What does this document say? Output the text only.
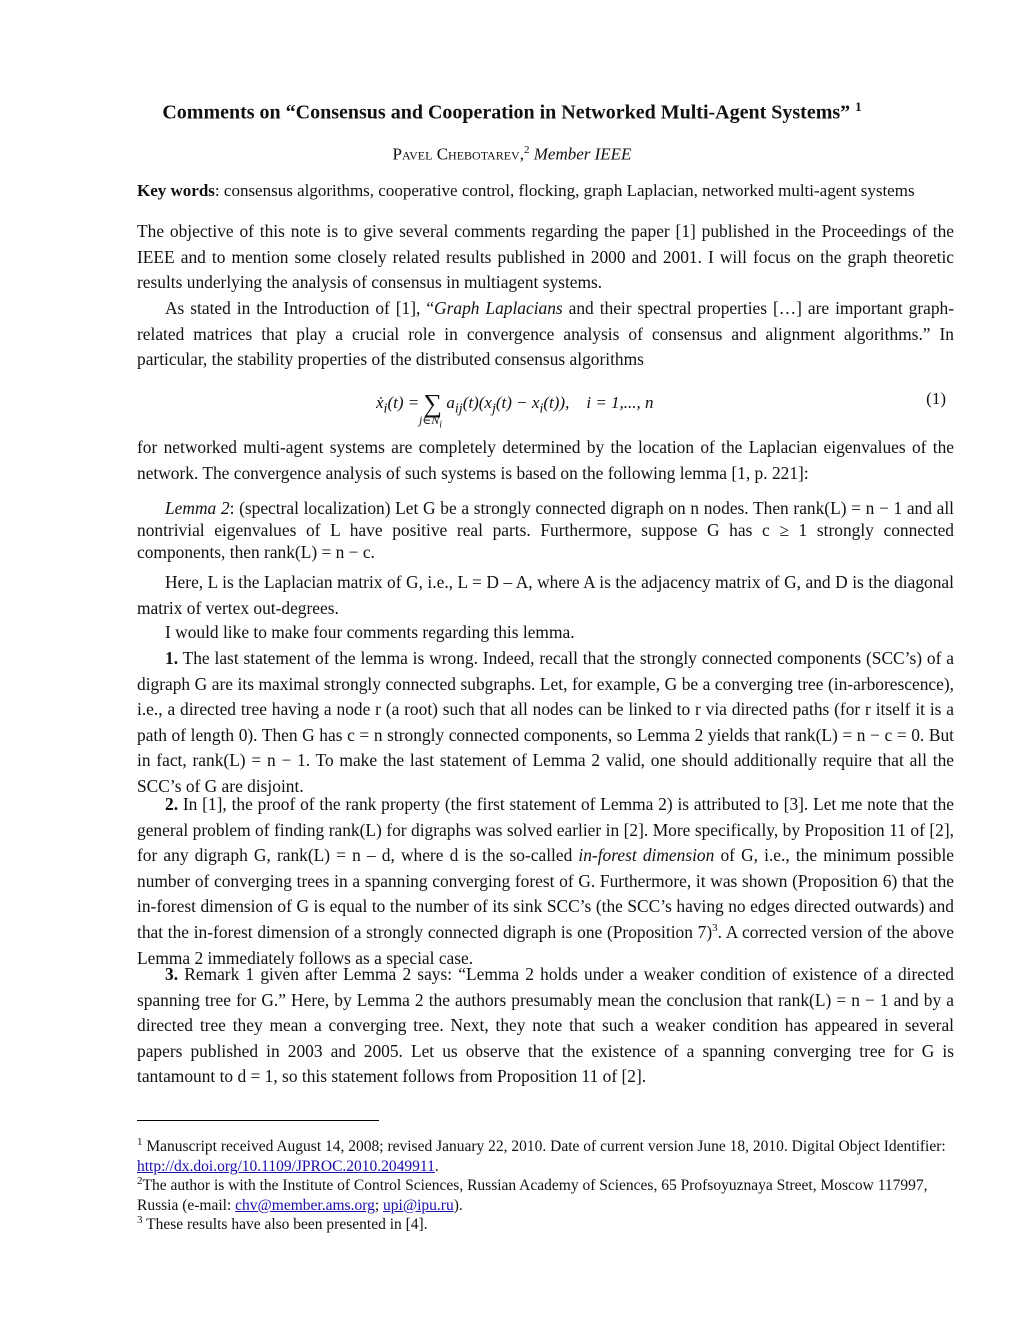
Comments on “Consensus and Cooperation in Networked Multi-Agent Systems” $^1$
Pavel Chebotarev,$^2$ Member IEEE
Key words: consensus algorithms, cooperative control, flocking, graph Laplacian, networked multi-agent systems

The objective of this note is to give several comments regarding the paper [1] published in the Proceedings of the IEEE and to mention some closely related results published in 2000 and 2001. I will focus on the graph theoretic results underlying the analysis of consensus in multiagent systems.

As stated in the Introduction of [1], “Graph Laplacians and their spectral properties […] are important graph-related matrices that play a crucial role in convergence analysis of consensus and alignment algorithms.” In particular, the stability properties of the distributed consensus algorithms

ẋ$_i$(t) = ∑ $a_{ij}(t)(x_j(t) - x_i(t))$, i = 1,..., n
$j\in N_i$
(1)

for networked multi-agent systems are completely determined by the location of the Laplacian eigenvalues of the network. The convergence analysis of such systems is based on the following lemma [1, p. 221]:

Lemma 2: (spectral localization) Let G be a strongly connected digraph on n nodes. Then rank(L) = n − 1 and all nontrivial eigenvalues of L have positive real parts. Furthermore, suppose G has c ≥ 1 strongly connected components, then rank(L) = n − c.

Here, L is the Laplacian matrix of G, i.e., L = D – A, where A is the adjacency matrix of G, and D is the diagonal matrix of vertex out-degrees.

I would like to make four comments regarding this lemma.

1. The last statement of the lemma is wrong. Indeed, recall that the strongly connected components (SCC’s) of a digraph G are its maximal strongly connected subgraphs. Let, for example, G be a converging tree (in-arborescence), i.e., a directed tree having a node r (a root) such that all nodes can be linked to r via directed paths (for r itself it is a path of length 0). Then G has c = n strongly connected components, so Lemma 2 yields that rank(L) = n − c = 0. But in fact, rank(L) = n − 1. To make the last statement of Lemma 2 valid, one should additionally require that all the SCC’s of G are disjoint.

2. In [1], the proof of the rank property (the first statement of Lemma 2) is attributed to [3]. Let me note that the general problem of finding rank(L) for digraphs was solved earlier in [2]. More specifically, by Proposition 11 of [2], for any digraph G, rank(L) = n – d, where d is the so-called in-forest dimension of G, i.e., the minimum possible number of converging trees in a spanning converging forest of G. Furthermore, it was shown (Proposition 6) that the in-forest dimension of G is equal to the number of its sink SCC’s (the SCC’s having no edges directed outwards) and that the in-forest dimension of a strongly connected digraph is one (Proposition 7)$^3$. A corrected version of the above Lemma 2 immediately follows as a special case.

3. Remark 1 given after Lemma 2 says: “Lemma 2 holds under a weaker condition of existence of a directed spanning tree for G.” Here, by Lemma 2 the authors presumably mean the conclusion that rank(L) = n − 1 and by a directed tree they mean a converging tree. Next, they note that such a weaker condition has appeared in several papers published in 2003 and 2005. Let us observe that the existence of a spanning converging tree for G is tantamount to d = 1, so this statement follows from Proposition 11 of [2].

$^1$ Manuscript received August 14, 2008; revised January 22, 2010. Date of current version June 18, 2010. Digital Object Identifier: http://dx.doi.org/10.1109/JPROC.2010.2049911.

$^2$The author is with the Institute of Control Sciences, Russian Academy of Sciences, 65 Profsoyuznaya Street, Moscow 117997, Russia (e-mail: chv@member.ams.org; upi@ipu.ru).

$^3$ These results have also been presented in [4].
